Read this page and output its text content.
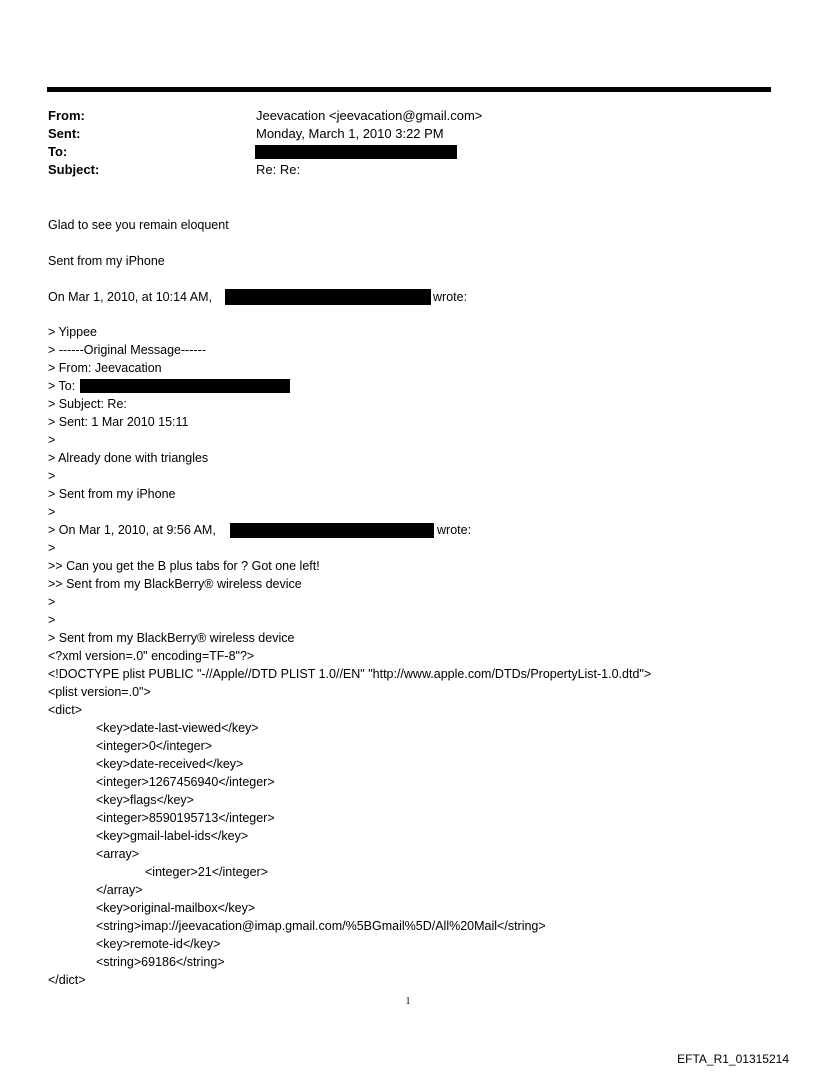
From:	Jeevacation <jeevacation@gmail.com>
Sent:	Monday, March 1, 2010 3:22 PM
To:
Subject:	Re: Re:
Glad to see you remain eloquent
Sent from my iPhone
On Mar 1, 2010, at 10:14 AM,	wrote:
> Yippee
> ------Original Message------
> From: Jeevacation
> To:
> Subject: Re:
> Sent: 1 Mar 2010 15:11
>
> Already done with triangles
>
> Sent from my iPhone
>
> On Mar 1, 2010, at 9:56 AM,	wrote:
>
>> Can you get the B plus tabs for ? Got one left!
>> Sent from my BlackBerry® wireless device
>
>
> Sent from my BlackBerry® wireless device
<?xml version=.0" encoding=TF-8"?>
<!DOCTYPE plist PUBLIC "-//Apple//DTD PLIST 1.0//EN" "http://www.apple.com/DTDs/PropertyList-1.0.dtd">
<plist version=.0">
<dict>
<key>date-last-viewed</key>
<integer>0</integer>
<key>date-received</key>
<integer>1267456940</integer>
<key>flags</key>
<integer>8590195713</integer>
<key>gmail-label-ids</key>
<array>
<integer>21</integer>
</array>
<key>original-mailbox</key>
<string>imap://jeevacation@imap.gmail.com/%5BGmail%5D/All%20Mail</string>
<key>remote-id</key>
<string>69186</string>
</dict>
1
EFTA_R1_01315214
